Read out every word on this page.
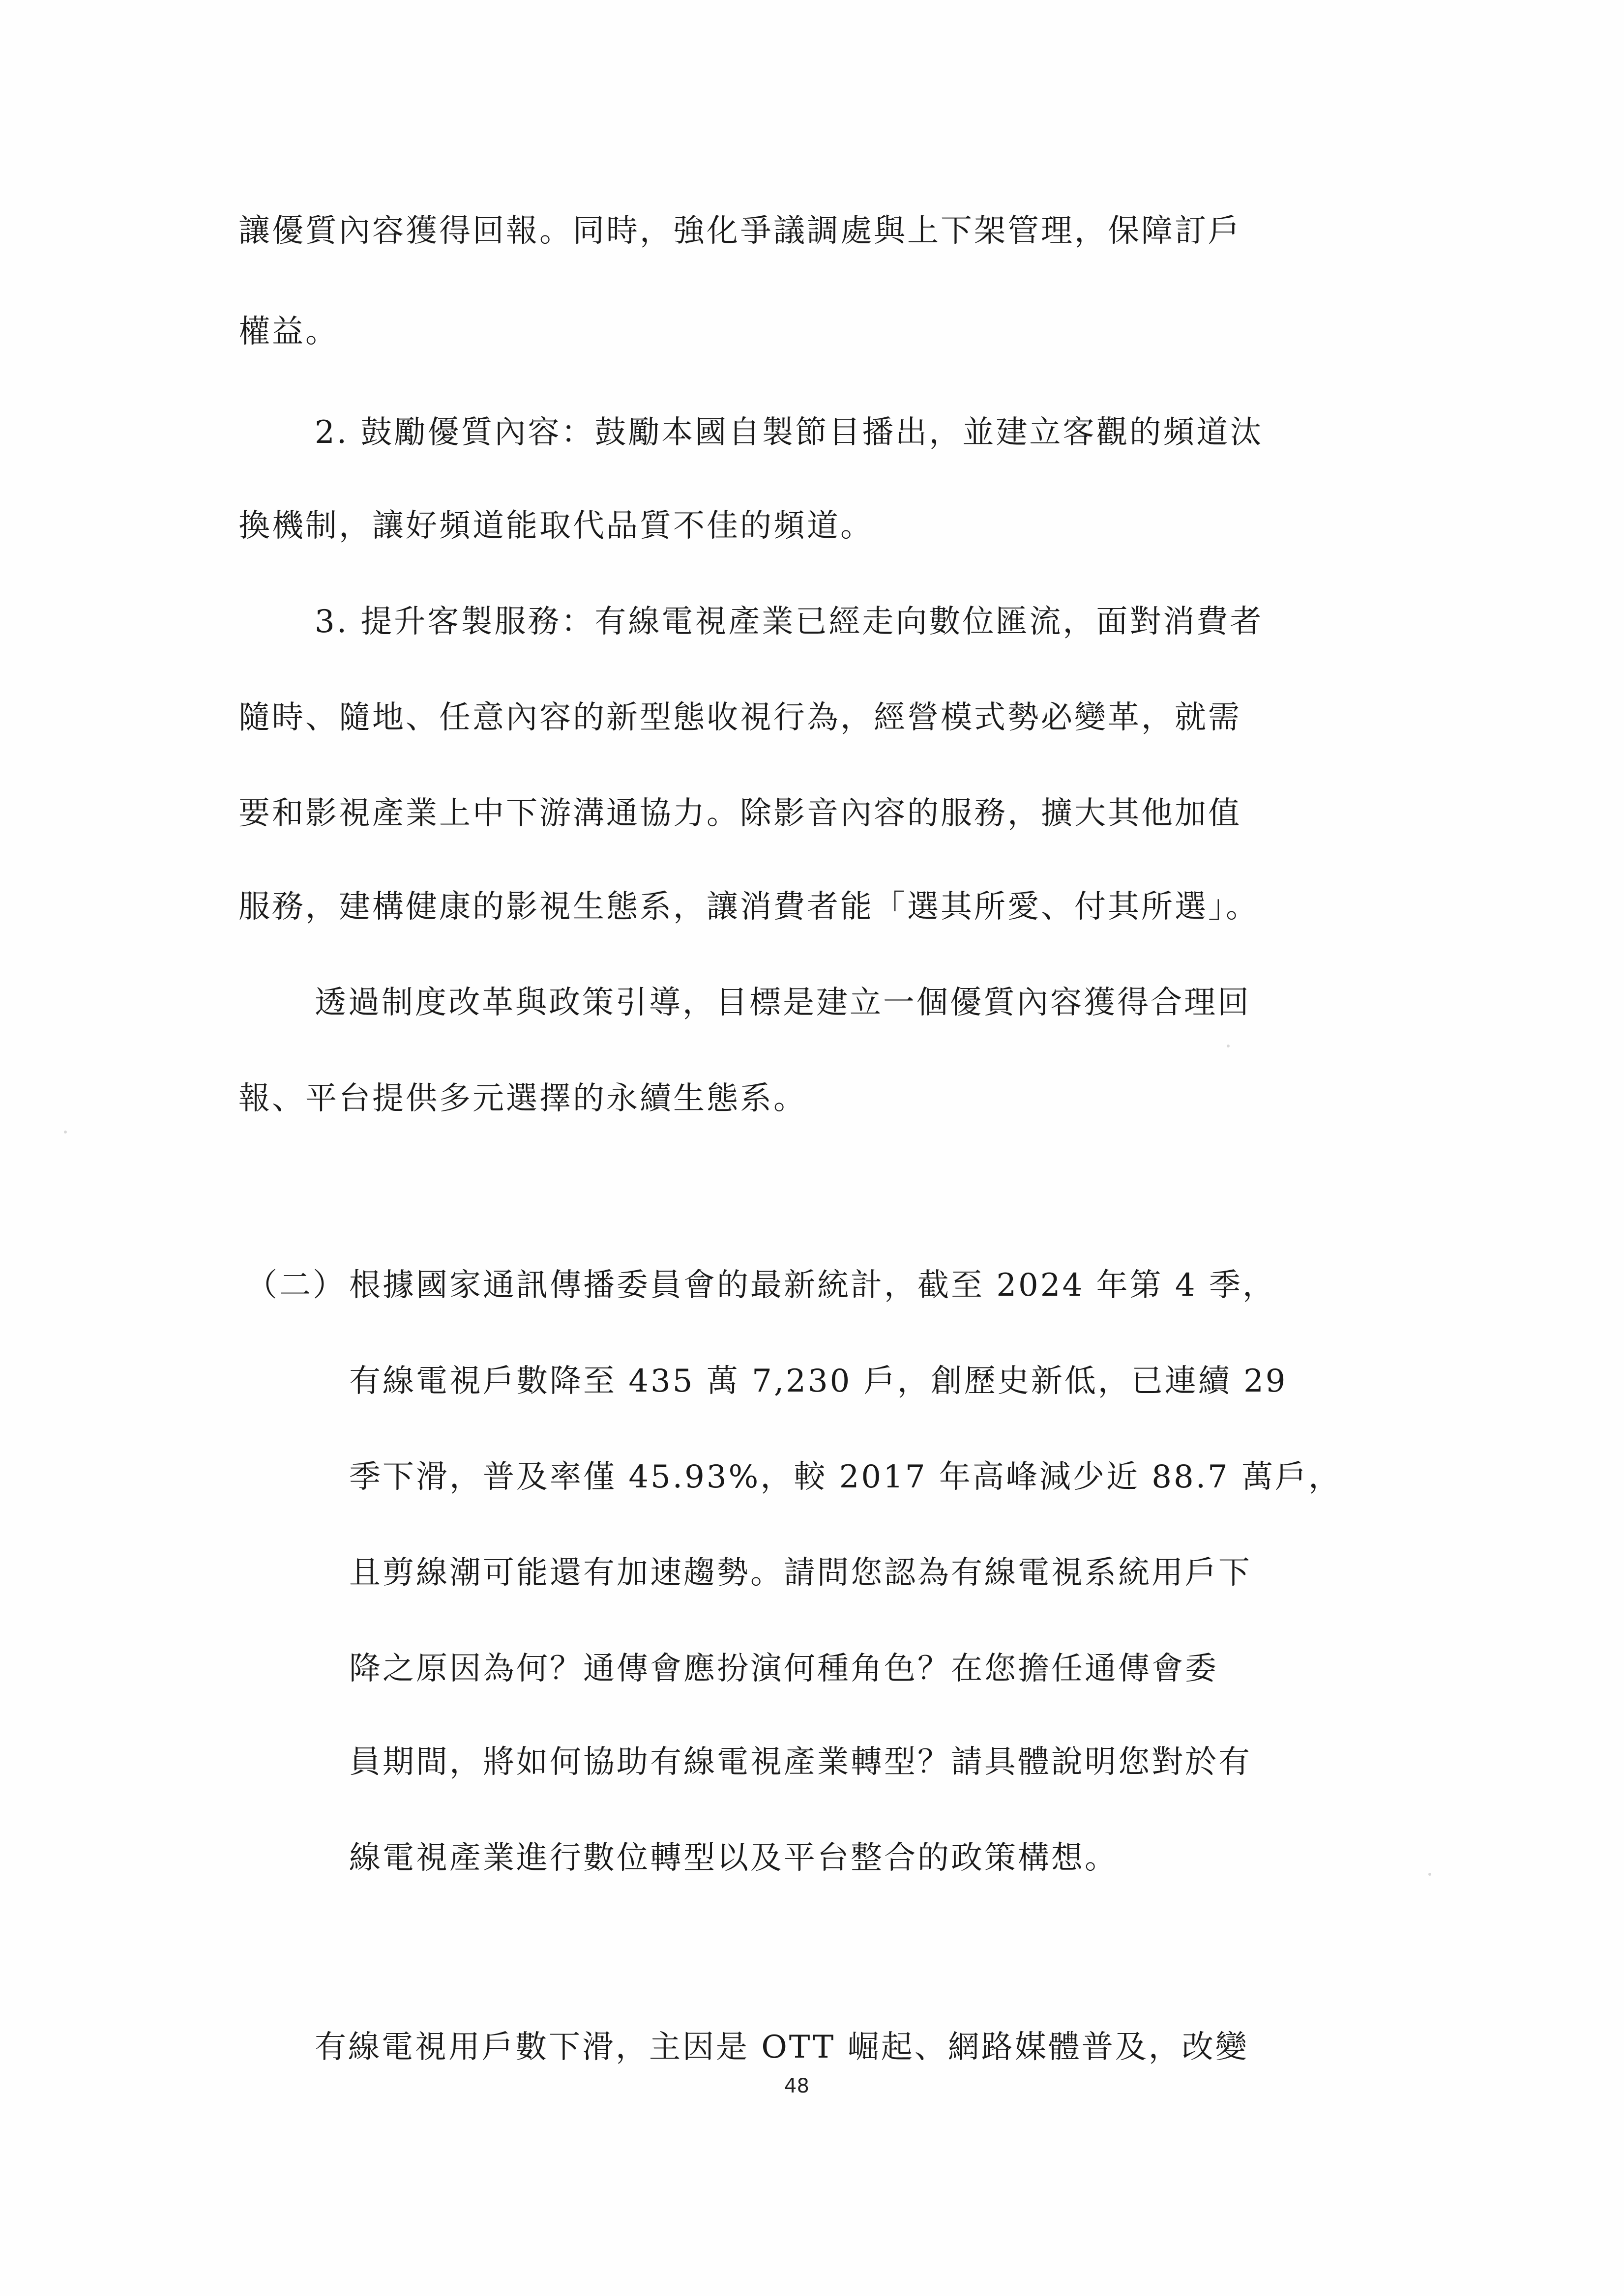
讓優質內容獲得回報。同時，強化爭議調處與上下架管理，保障訂戶
權益。
2. 鼓勵優質內容：鼓勵本國自製節目播出，並建立客觀的頻道汰
換機制，讓好頻道能取代品質不佳的頻道。
3. 提升客製服務：有線電視產業已經走向數位匯流，面對消費者
隨時、隨地、任意內容的新型態收視行為，經營模式勢必變革，就需
要和影視產業上中下游溝通協力。除影音內容的服務，擴大其他加值
服務，建構健康的影視生態系，讓消費者能「選其所愛、付其所選」。
透過制度改革與政策引導，目標是建立一個優質內容獲得合理回
報、平台提供多元選擇的永續生態系。
（二） 根據國家通訊傳播委員會的最新統計，截至 2024 年第 4 季，
有線電視戶數降至 435 萬 7,230 戶，創歷史新低，已連續 29
季下滑，普及率僅 45.93%，較 2017 年高峰減少近 88.7 萬戶，
且剪線潮可能還有加速趨勢。請問您認為有線電視系統用戶下
降之原因為何？通傳會應扮演何種角色？在您擔任通傳會委
員期間，將如何協助有線電視產業轉型？請具體說明您對於有
線電視產業進行數位轉型以及平台整合的政策構想。
有線電視用戶數下滑，主因是 OTT 崛起、網路媒體普及，改變
48
